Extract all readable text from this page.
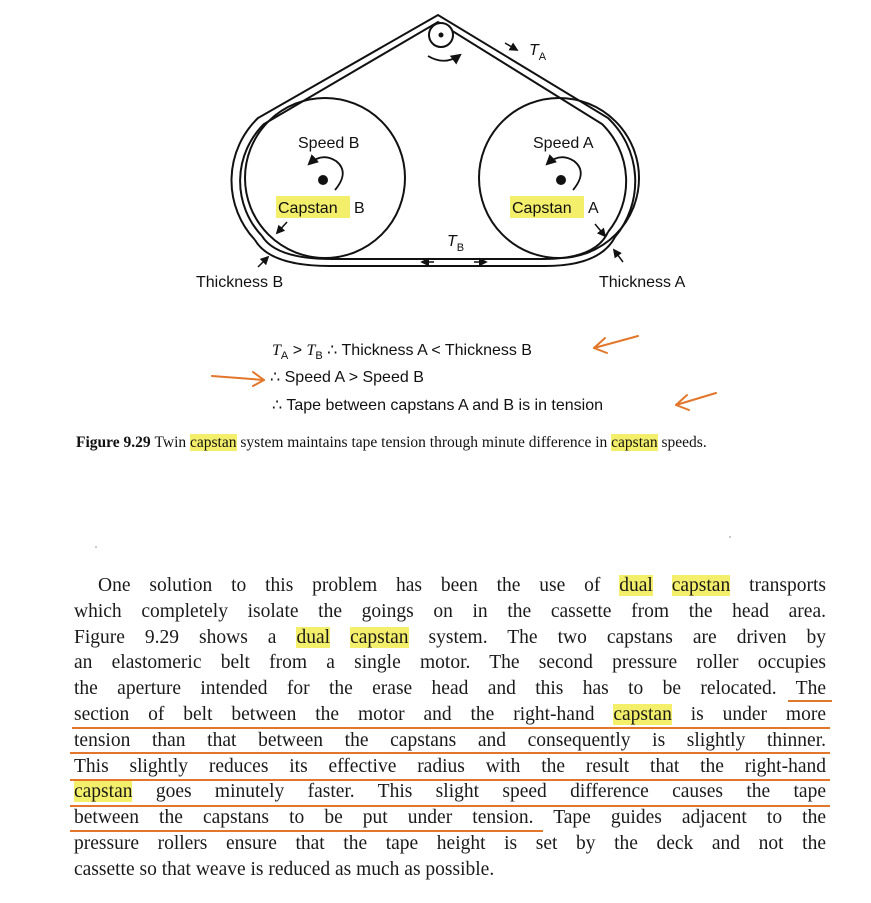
Speed B	Speed A
Capstan B	Capstan A
Thickness B	Thickness A
$T_A$
$T_B$
$T_A > T_B$ ∴ Thickness A < Thickness B
∴ Speed A > Speed B
∴ Tape between capstans A and B is in tension
Figure 9.29 Twin capstan system maintains tape tension through minute difference in capstan speeds.
One solution to this problem has been the use of dual capstan transports
which completely isolate the goings on in the cassette from the head area.
Figure 9.29 shows a dual capstan system. The two capstans are driven by
an elastomeric belt from a single motor. The second pressure roller occupies
the aperture intended for the erase head and this has to be relocated. The
section of belt between the motor and the right-hand capstan is under more
tension than that between the capstans and consequently is slightly thinner.
This slightly reduces its effective radius with the result that the right-hand
capstan goes minutely faster. This slight speed difference causes the tape
between the capstans to be put under tension. Tape guides adjacent to the
pressure rollers ensure that the tape height is set by the deck and not the
cassette so that weave is reduced as much as possible.
